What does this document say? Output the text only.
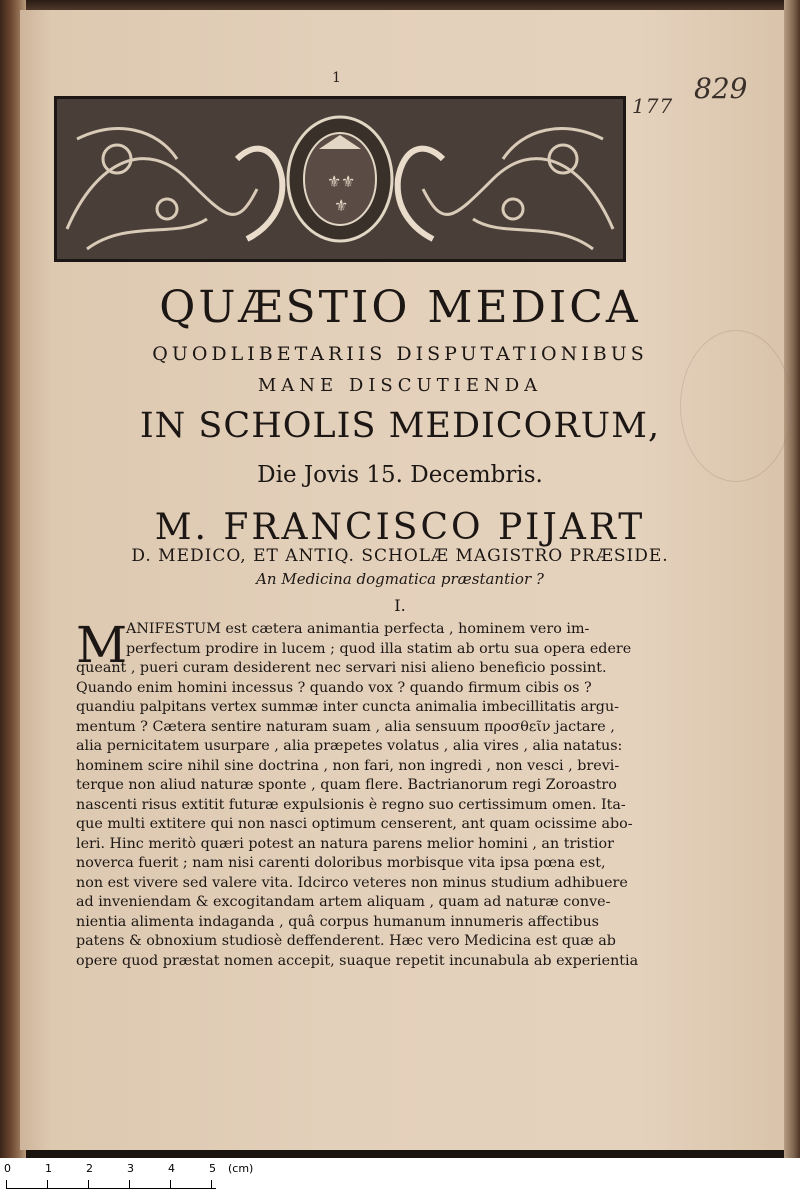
1
177
829
⚜ ⚜
⚜
QUÆSTIO MEDICA
QUODLIBETARIIS DISPUTATIONIBUS
MANE DISCUTIENDA
IN SCHOLIS MEDICORUM,
Die Jovis 15. Decembris.
M. FRANCISCO PIJART
D. MEDICO, ET ANTIQ. SCHOLÆ MAGISTRO PRÆSIDE.
An Medicina dogmatica præstantior ?
I.
M
ANIFESTUM est cætera animantia perfecta , hominem vero im-
perfectum prodire in lucem ; quod illa statim ab ortu sua opera edere
queant , pueri curam desiderent nec servari nisi alieno beneficio possint.
Quando enim homini incessus ? quando vox ? quando firmum cibis os ?
quandiu palpitans vertex summæ inter cuncta animalia imbecillitatis argu-
mentum ? Cætera sentire naturam suam , alia sensuum προσθεῖν jactare ,
alia pernicitatem usurpare , alia præpetes volatus , alia vires , alia natatus:
hominem scire nihil sine doctrina , non fari, non ingredi , non vesci , brevi-
terque non aliud naturæ sponte , quam flere. Bactrianorum regi Zoroastro
nascenti risus extitit futuræ expulsionis è regno suo certissimum omen. Ita-
que multi extitere qui non nasci optimum censerent, ant quam ocissime abo-
leri. Hinc meritò quæri potest an natura parens melior homini , an tristior
noverca fuerit ; nam nisi carenti doloribus morbisque vita ipsa pœna est,
non est vivere sed valere vita. Idcirco veteres non minus studium adhibuere
ad inveniendam & excogitandam artem aliquam , quam ad naturæ conve-
nientia alimenta indaganda , quâ corpus humanum innumeris affectibus
patens & obnoxium studiosè deffenderent. Hæc vero Medicina est quæ ab
opere quod præstat nomen accepit, suaque repetit incunabula ab experientia
0	1	2	3	4	5 (cm)
